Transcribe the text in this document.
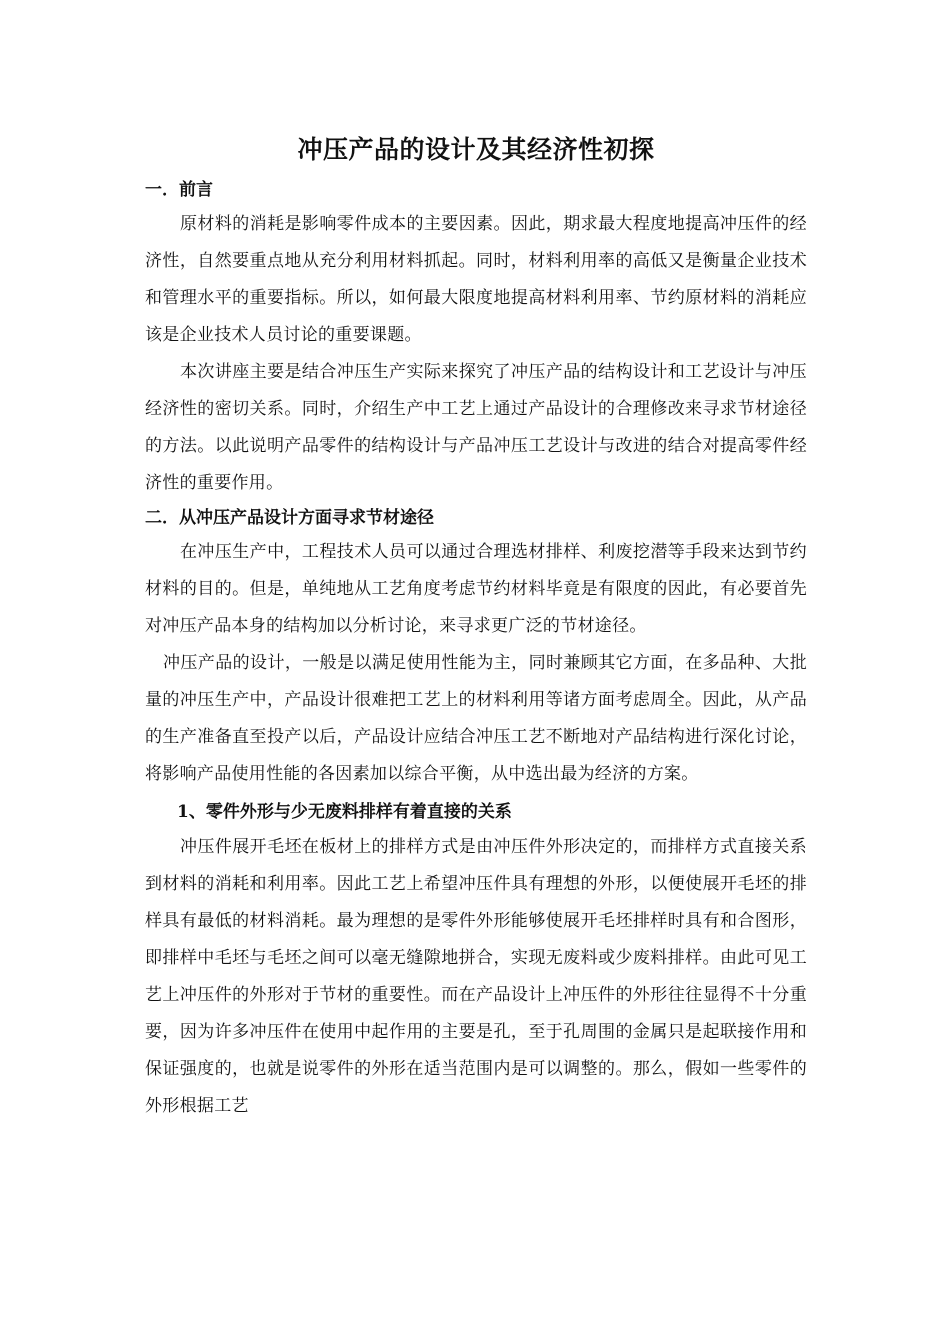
冲压产品的设计及其经济性初探
一．前言

原材料的消耗是影响零件成本的主要因素。因此，期求最大程度地提高冲压件的经济性，自然要重点地从充分利用材料抓起。同时，材料利用率的高低又是衡量企业技术和管理水平的重要指标。所以，如何最大限度地提高材料利用率、节约原材料的消耗应该是企业技术人员讨论的重要课题。

本次讲座主要是结合冲压生产实际来探究了冲压产品的结构设计和工艺设计与冲压经济性的密切关系。同时，介绍生产中工艺上通过产品设计的合理修改来寻求节材途径的方法。以此说明产品零件的结构设计与产品冲压工艺设计与改进的结合对提高零件经济性的重要作用。

二．从冲压产品设计方面寻求节材途径

在冲压生产中，工程技术人员可以通过合理选材排样、利废挖潜等手段来达到节约材料的目的。但是，单纯地从工艺角度考虑节约材料毕竟是有限度的因此，有必要首先对冲压产品本身的结构加以分析讨论，来寻求更广泛的节材途径。

冲压产品的设计，一般是以满足使用性能为主，同时兼顾其它方面，在多品种、大批量的冲压生产中，产品设计很难把工艺上的材料利用等诸方面考虑周全。因此，从产品的生产准备直至投产以后，产品设计应结合冲压工艺不断地对产品结构进行深化讨论，将影响产品使用性能的各因素加以综合平衡，从中选出最为经济的方案。

1、零件外形与少无废料排样有着直接的关系

冲压件展开毛坯在板材上的排样方式是由冲压件外形决定的，而排样方式直接关系到材料的消耗和利用率。因此工艺上希望冲压件具有理想的外形，以便使展开毛坯的排样具有最低的材料消耗。最为理想的是零件外形能够使展开毛坯排样时具有和合图形，即排样中毛坯与毛坯之间可以毫无缝隙地拼合，实现无废料或少废料排样。由此可见工艺上冲压件的外形对于节材的重要性。而在产品设计上冲压件的外形往往显得不十分重要，因为许多冲压件在使用中起作用的主要是孔，至于孔周围的金属只是起联接作用和保证强度的，也就是说零件的外形在适当范围内是可以调整的。那么，假如一些零件的外形根据工艺
